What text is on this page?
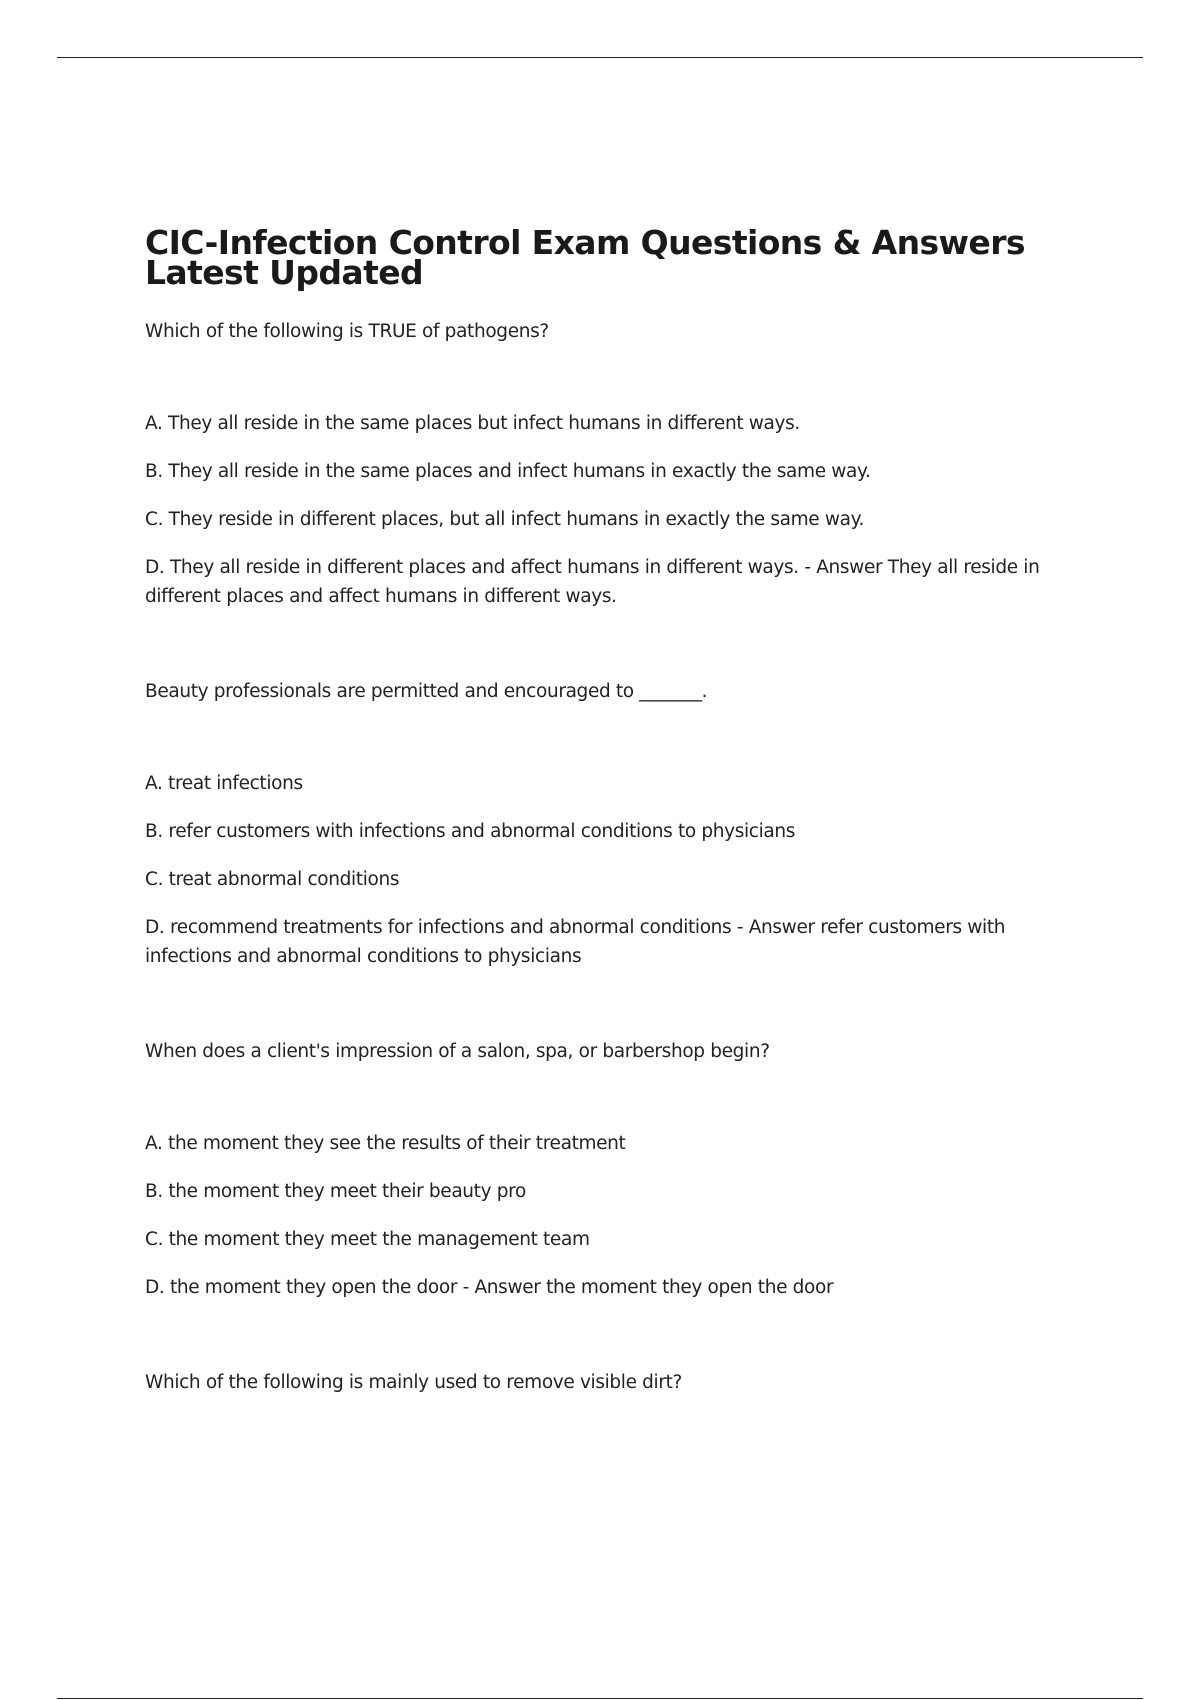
CIC-Infection Control Exam Questions & Answers Latest Updated

Which of the following is TRUE of pathogens?

A. They all reside in the same places but infect humans in different ways.

B. They all reside in the same places and infect humans in exactly the same way.

C. They reside in different places, but all infect humans in exactly the same way.

D. They all reside in different places and affect humans in different ways. - Answer They all reside in different places and affect humans in different ways.

Beauty professionals are permitted and encouraged to _______.

A. treat infections

B. refer customers with infections and abnormal conditions to physicians

C. treat abnormal conditions

D. recommend treatments for infections and abnormal conditions - Answer refer customers with infections and abnormal conditions to physicians

When does a client's impression of a salon, spa, or barbershop begin?

A. the moment they see the results of their treatment

B. the moment they meet their beauty pro

C. the moment they meet the management team

D. the moment they open the door - Answer the moment they open the door

Which of the following is mainly used to remove visible dirt?
